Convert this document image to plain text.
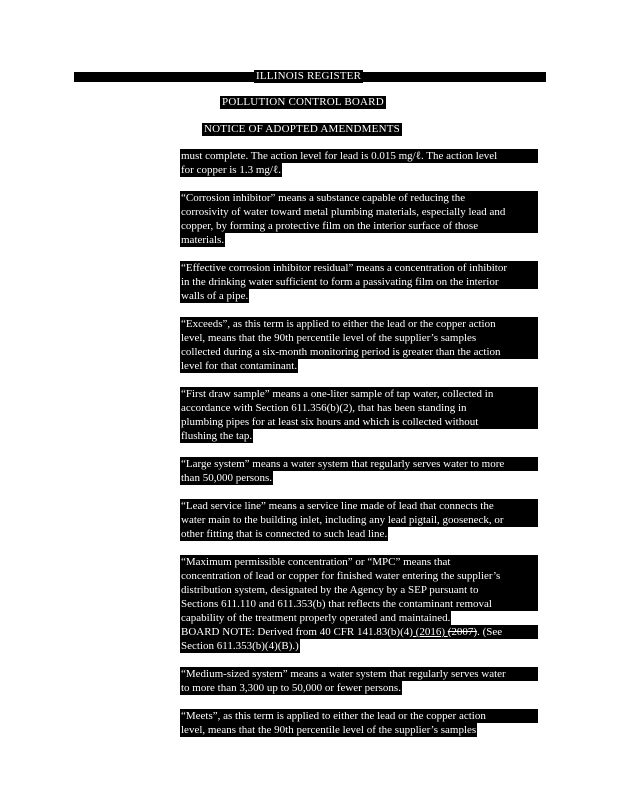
ILLINOIS REGISTER
POLLUTION CONTROL BOARD
NOTICE OF ADOPTED AMENDMENTS
must complete. The action level for lead is 0.015 mg/ℓ. The action level
for copper is 1.3 mg/ℓ.

“Corrosion inhibitor” means a substance capable of reducing the
corrosivity of water toward metal plumbing materials, especially lead and
copper, by forming a protective film on the interior surface of those
materials.

“Effective corrosion inhibitor residual” means a concentration of inhibitor
in the drinking water sufficient to form a passivating film on the interior
walls of a pipe.

“Exceeds”, as this term is applied to either the lead or the copper action
level, means that the 90th percentile level of the supplier’s samples
collected during a six-month monitoring period is greater than the action
level for that contaminant.

“First draw sample” means a one-liter sample of tap water, collected in
accordance with Section 611.356(b)(2), that has been standing in
plumbing pipes for at least six hours and which is collected without
flushing the tap.

“Large system” means a water system that regularly serves water to more
than 50,000 persons.

“Lead service line” means a service line made of lead that connects the
water main to the building inlet, including any lead pigtail, gooseneck, or
other fitting that is connected to such lead line.

“Maximum permissible concentration” or “MPC” means that
concentration of lead or copper for finished water entering the supplier’s
distribution system, designated by the Agency by a SEP pursuant to
Sections 611.110 and 611.353(b) that reflects the contaminant removal
capability of the treatment properly operated and maintained.
BOARD NOTE: Derived from 40 CFR 141.83(b)(4) (2016) (2007). (See
Section 611.353(b)(4)(B).)
“Medium-sized system” means a water system that regularly serves water
to more than 3,300 up to 50,000 or fewer persons.

“Meets”, as this term is applied to either the lead or the copper action
level, means that the 90th percentile level of the supplier’s samples
